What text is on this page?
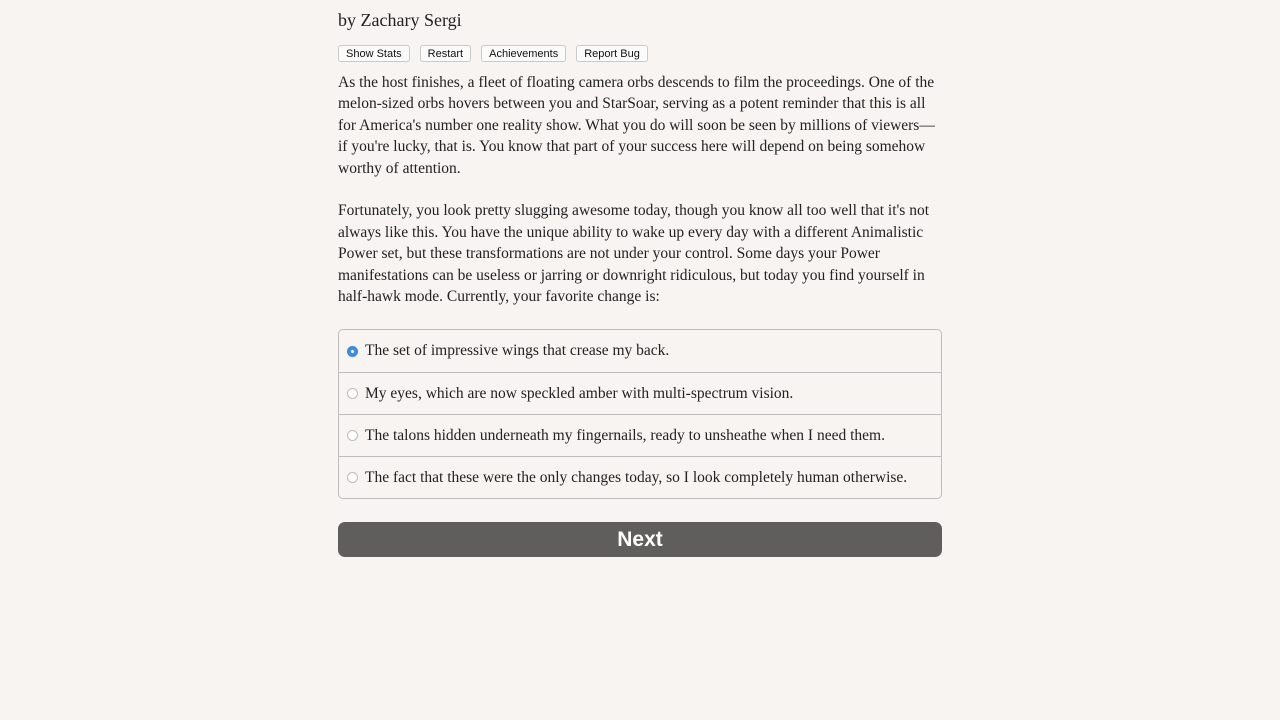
by Zachary Sergi
Show Stats	Restart	Achievements	Report Bug

As the host finishes, a fleet of floating camera orbs descends to film the proceedings. One of the melon-sized orbs hovers between you and StarSoar, serving as a potent reminder that this is all for America's number one reality show. What you do will soon be seen by millions of viewers—if you're lucky, that is. You know that part of your success here will depend on being somehow worthy of attention.

Fortunately, you look pretty slugging awesome today, though you know all too well that it's not always like this. You have the unique ability to wake up every day with a different Animalistic Power set, but these transformations are not under your control. Some days your Power manifestations can be useless or jarring or downright ridiculous, but today you find yourself in half-hawk mode. Currently, your favorite change is:

The set of impressive wings that crease my back.
My eyes, which are now speckled amber with multi-spectrum vision.
The talons hidden underneath my fingernails, ready to unsheathe when I need them.
The fact that these were the only changes today, so I look completely human otherwise.
Next
